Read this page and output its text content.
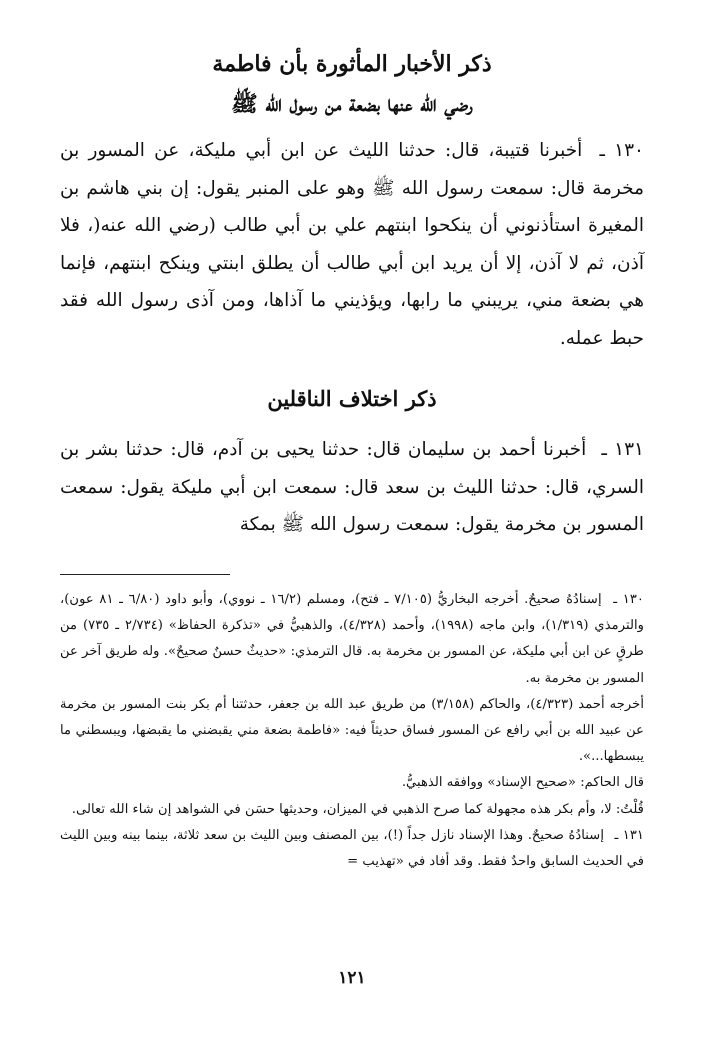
ذكر الأخبار المأثورة بأن فاطمة
رضي الله عنها بضعة من رسول الله ﷺ

١٣٠ ـ أخبرنا قتيبة، قال: حدثنا الليث عن ابن أبي مليكة، عن المسور بن مخرمة قال: سمعت رسول الله ﷺ وهو على المنبر يقول: إن بني هاشم بن المغيرة استأذنوني أن ينكحوا ابنتهم علي بن أبي طالب (رضي الله عنه(، فلا آذن، ثم لا آذن، إلا أن يريد ابن أبي طالب أن يطلق ابنتي وينكح ابنتهم، فإنما هي بضعة مني، يريبني ما رابها، ويؤذيني ما آذاها، ومن آذى رسول الله فقد حبط عمله.

ذكر اختلاف الناقلين

١٣١ ـ أخبرنا أحمد بن سليمان قال: حدثنا يحيى بن آدم، قال: حدثنا بشر بن السري، قال: حدثنا الليث بن سعد قال: سمعت ابن أبي مليكة يقول: سمعت المسور بن مخرمة يقول: سمعت رسول الله ﷺ بمكة

١٣٠ ـ إسنادُهُ صحيحٌ. أخرجه البخاريُّ (٧/١٠٥ ـ فتح)، ومسلم (١٦/٢ ـ نووي)، وأبو داود (٦/٨٠ ـ ٨١ عون)، والترمذي (١/٣١٩)، وابن ماجه (١٩٩٨)، وأحمد (٤/٣٢٨)، والذهبيُّ في «تذكرة الحفاظ» (٢/٧٣٤ ـ ٧٣٥) من طرقٍ عن ابن أبي مليكة، عن المسور بن مخرمة به. قال الترمذي: «حديثٌ حسنٌ صحيحٌ». وله طريق آخر عن المسور بن مخرمة به.

أخرجه أحمد (٤/٣٢٣)، والحاكم (٣/١٥٨) من طريق عبد الله بن جعفر، حدثتنا أم بكر بنت المسور بن مخرمة عن عبيد الله بن أبي رافع عن المسور فساق حديثاً فيه: «فاطمة بضعة مني يقبضني ما يقبضها، ويبسطني ما يبسطها...».

قال الحاكم: «صحيح الإسناد» ووافقه الذهبيُّ.

قُلْتُ: لا، وأم بكر هذه مجهولة كما صرح الذهبي في الميزان، وحديثها حسَن في الشواهد إن شاء الله تعالى.

١٣١ ـ إسنادُهُ صحيحٌ. وهذا الإسناد نازل جداً (!)، بين المصنف وبين الليث بن سعد ثلاثة، بينما بينه وبين الليث في الحديث السابق واحدٌ فقط. وقد أفاد في «تهذيب =

١٢١
